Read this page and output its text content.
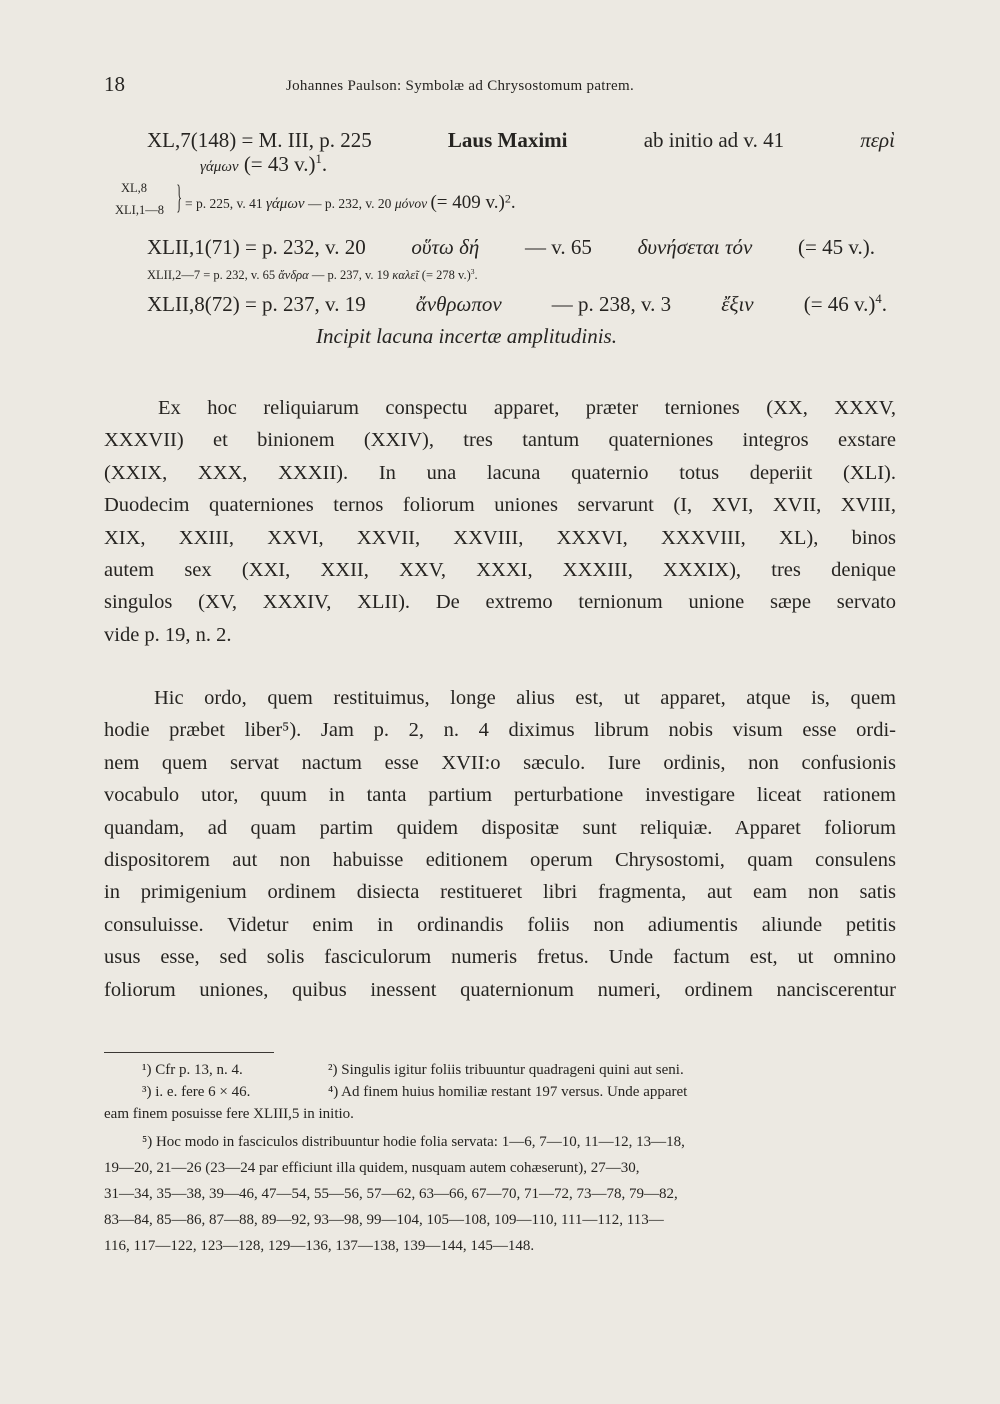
18	Johannes Paulson: Symbolæ ad Chrysostomum patrem.
XL,7(148) = M. III, p. 225	Laus Maximi	ab initio ad v. 41	περὶ
γάμων (= 43 v.)$^1$.
XL,8
XLI,1—8 } = p. 225, v. 41 γάμων — p. 232, v. 20 μόνον (= 409 v.)$^2$.
XLII,1(71) = p. 232, v. 20 οὕτω δή — v. 65 δυνήσεται τόν (= 45 v.).
XLII,2—7 = p. 232, v. 65 ἄνδρα — p. 237, v. 19 καλεῖ (= 278 v.)$^3$.
XLII,8(72) = p. 237, v. 19 ἄνθρωπον — p. 238, v. 3 ἔξιν (= 46 v.)$^4$.
Incipit lacuna incertæ amplitudinis.
Ex hoc reliquiarum conspectu apparet, præter terniones (XX, XXXV,
XXXVII) et binionem (XXIV), tres tantum quaterniones integros exstare
(XXIX, XXX, XXXII). In una lacuna quaternio totus deperiit (XLI).
Duodecim quaterniones ternos foliorum uniones servarunt (I, XVI, XVII, XVIII,
XIX, XXIII, XXVI, XXVII, XXVIII, XXXVI, XXXVIII, XL), binos
autem sex (XXI, XXII, XXV, XXXI, XXXIII, XXXIX), tres denique
singulos (XV, XXXIV, XLII). De extremo ternionum unione sæpe servato
vide p. 19, n. 2.
Hic ordo, quem restituimus, longe alius est, ut apparet, atque is, quem
hodie præbet liber⁵). Jam p. 2, n. 4 diximus librum nobis visum esse ordi-
nem quem servat nactum esse XVII:o sæculo. Iure ordinis, non confusionis
vocabulo utor, quum in tanta partium perturbatione investigare liceat rationem
quandam, ad quam partim quidem dispositæ sunt reliquiæ. Apparet foliorum
dispositorem aut non habuisse editionem operum Chrysostomi, quam consulens
in primigenium ordinem disiecta restitueret libri fragmenta, aut eam non satis
consuluisse. Videtur enim in ordinandis foliis non adiumentis aliunde petitis
usus esse, sed solis fasciculorum numeris fretus. Unde factum est, ut omnino
foliorum uniones, quibus inessent quaternionum numeri, ordinem nanciscerentur
¹) Cfr p. 13, n. 4.	²) Singulis igitur foliis tribuuntur quadrageni quini aut seni.
³) i. e. fere 6 × 46.	⁴) Ad finem huius homiliæ restant 197 versus. Unde apparet
eam finem posuisse fere XLIII,5 in initio.
⁵) Hoc modo in fasciculos distribuuntur hodie folia servata: 1—6, 7—10, 11—12, 13—18,
19—20, 21—26 (23—24 par efficiunt illa quidem, nusquam autem cohæserunt), 27—30,
31—34, 35—38, 39—46, 47—54, 55—56, 57—62, 63—66, 67—70, 71—72, 73—78, 79—82,
83—84, 85—86, 87—88, 89—92, 93—98, 99—104, 105—108, 109—110, 111—112, 113—
116, 117—122, 123—128, 129—136, 137—138, 139—144, 145—148.
